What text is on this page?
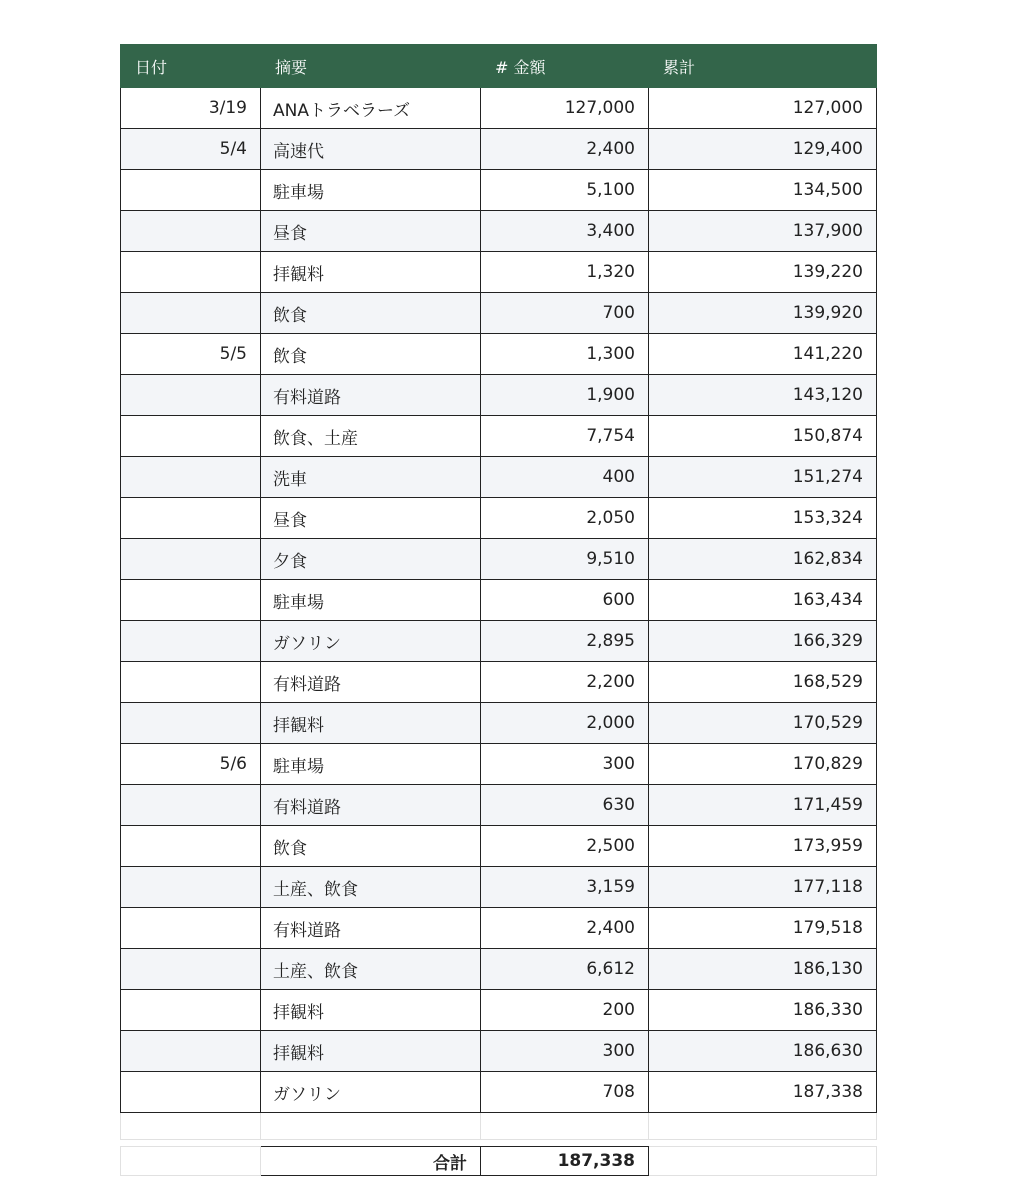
日付	摘要	# 金額	累計
3/19	ANAトラベラーズ	127,000	127,000
5/4	高速代	2,400	129,400
	駐車場	5,100	134,500
	昼食	3,400	137,900
	拝観料	1,320	139,220
	飲食	700	139,920
5/5	飲食	1,300	141,220
	有料道路	1,900	143,120
	飲食、土産	7,754	150,874
	洗車	400	151,274
	昼食	2,050	153,324
	夕食	9,510	162,834
	駐車場	600	163,434
	ガソリン	2,895	166,329
	有料道路	2,200	168,529
	拝観料	2,000	170,529
5/6	駐車場	300	170,829
	有料道路	630	171,459
	飲食	2,500	173,959
	土産、飲食	3,159	177,118
	有料道路	2,400	179,518
	土産、飲食	6,612	186,130
	拝観料	200	186,330
	拝観料	300	186,630
	ガソリン	708	187,338

	合計	187,338	
